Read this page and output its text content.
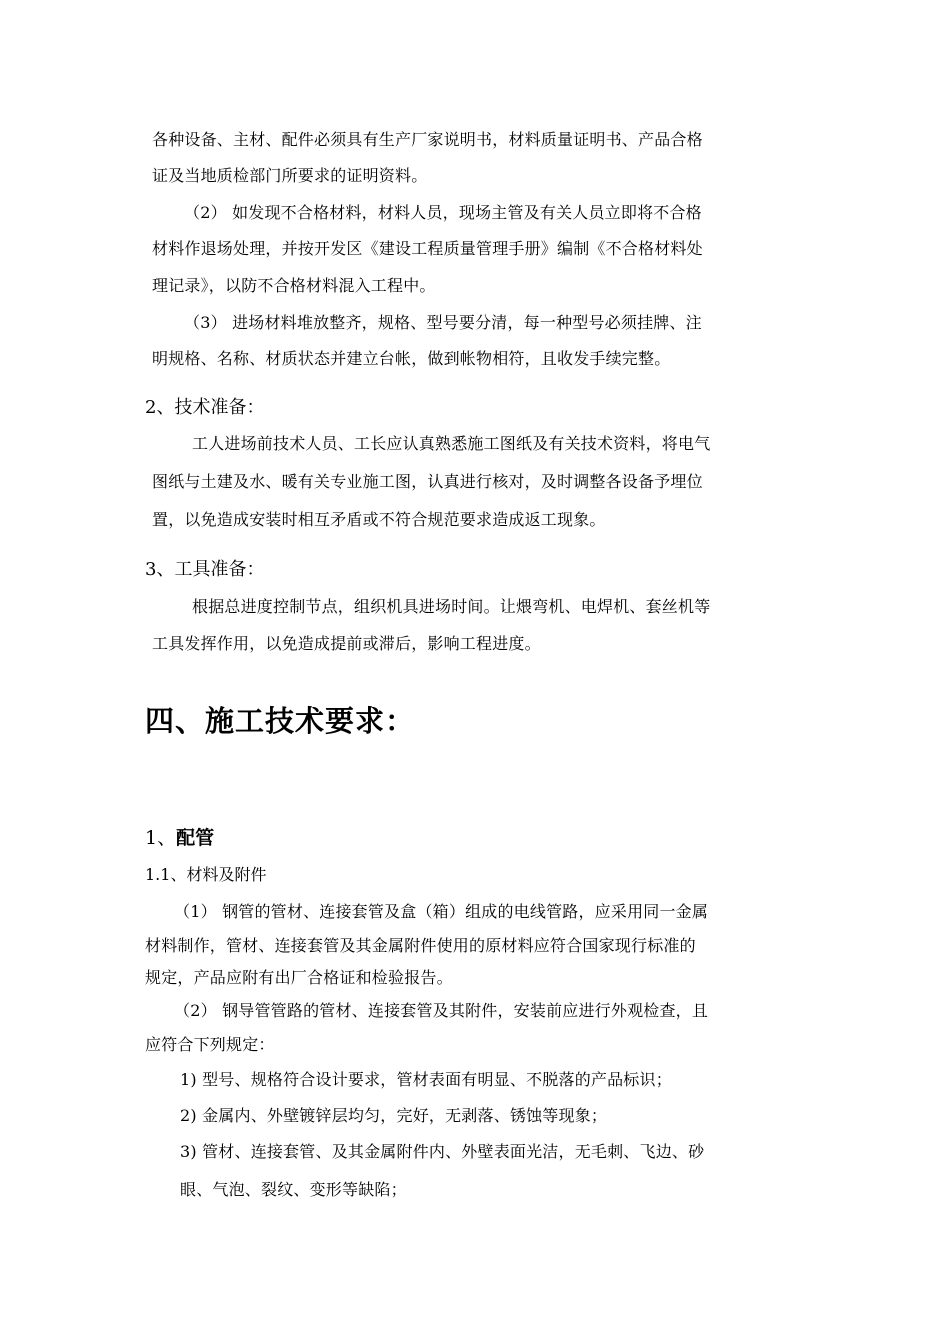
各种设备、主材、配件必须具有生产厂家说明书，材料质量证明书、产品合格
证及当地质检部门所要求的证明资料。
（2） 如发现不合格材料，材料人员，现场主管及有关人员立即将不合格
材料作退场处理，并按开发区《建设工程质量管理手册》编制《不合格材料处
理记录》，以防不合格材料混入工程中。
（3） 进场材料堆放整齐，规格、型号要分清，每一种型号必须挂牌、注
明规格、名称、材质状态并建立台帐，做到帐物相符，且收发手续完整。
2、技术准备：
工人进场前技术人员、工长应认真熟悉施工图纸及有关技术资料，将电气
图纸与土建及水、暖有关专业施工图，认真进行核对，及时调整各设备予埋位
置，以免造成安装时相互矛盾或不符合规范要求造成返工现象。
3、工具准备：
根据总进度控制节点，组织机具进场时间。让煨弯机、电焊机、套丝机等
工具发挥作用，以免造成提前或滞后，影响工程进度。
四、施工技术要求：
1、配管
1.1、材料及附件
（1） 钢管的管材、连接套管及盒（箱）组成的电线管路，应采用同一金属
材料制作，管材、连接套管及其金属附件使用的原材料应符合国家现行标准的
规定，产品应附有出厂合格证和检验报告。
（2） 钢导管管路的管材、连接套管及其附件，安装前应进行外观检查，且
应符合下列规定：
1) 型号、规格符合设计要求，管材表面有明显、不脱落的产品标识；
2) 金属内、外壁镀锌层均匀，完好，无剥落、锈蚀等现象；
3) 管材、连接套管、及其金属附件内、外壁表面光洁，无毛刺、飞边、砂
眼、气泡、裂纹、变形等缺陷；
